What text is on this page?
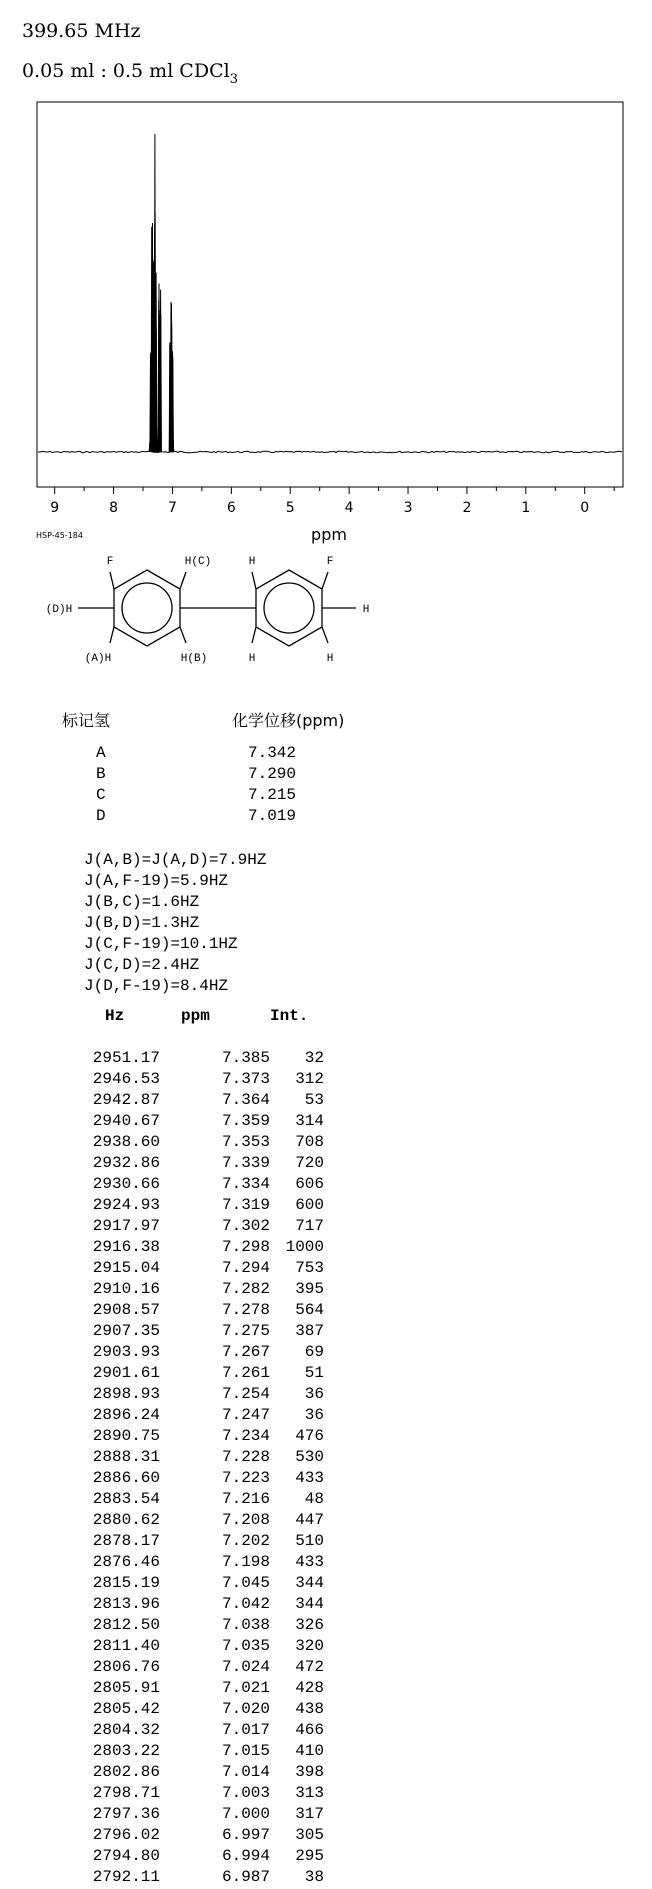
399.65 MHz
0.05 ml : 0.5 ml CDCl$_3$
9	8	7	6	5	4	3	2	1	0
ppm
HSP-45-184
F	H(C)	H	F
(D)H	H
(A)H	H(B)	H	H
标记氢	化学位移(ppm)
A	7.342
B	7.290
C	7.215
D	7.019
J(A,B)=J(A,D)=7.9HZ
J(A,F-19)=5.9HZ
J(B,C)=1.6HZ
J(B,D)=1.3HZ
J(C,F-19)=10.1HZ
J(C,D)=2.4HZ
J(D,F-19)=8.4HZ
Hz	ppm	Int.
2951.17	7.385	32
2946.53	7.373	312
2942.87	7.364	53
2940.67	7.359	314
2938.60	7.353	708
2932.86	7.339	720
2930.66	7.334	606
2924.93	7.319	600
2917.97	7.302	717
2916.38	7.298 1000
2915.04	7.294	753
2910.16	7.282	395
2908.57	7.278	564
2907.35	7.275	387
2903.93	7.267	69
2901.61	7.261	51
2898.93	7.254	36
2896.24	7.247	36
2890.75	7.234	476
2888.31	7.228	530
2886.60	7.223	433
2883.54	7.216	48
2880.62	7.208	447
2878.17	7.202	510
2876.46	7.198	433
2815.19	7.045	344
2813.96	7.042	344
2812.50	7.038	326
2811.40	7.035	320
2806.76	7.024	472
2805.91	7.021	428
2805.42	7.020	438
2804.32	7.017	466
2803.22	7.015	410
2802.86	7.014	398
2798.71	7.003	313
2797.36	7.000	317
2796.02	6.997	305
2794.80	6.994	295
2792.11	6.987	38
